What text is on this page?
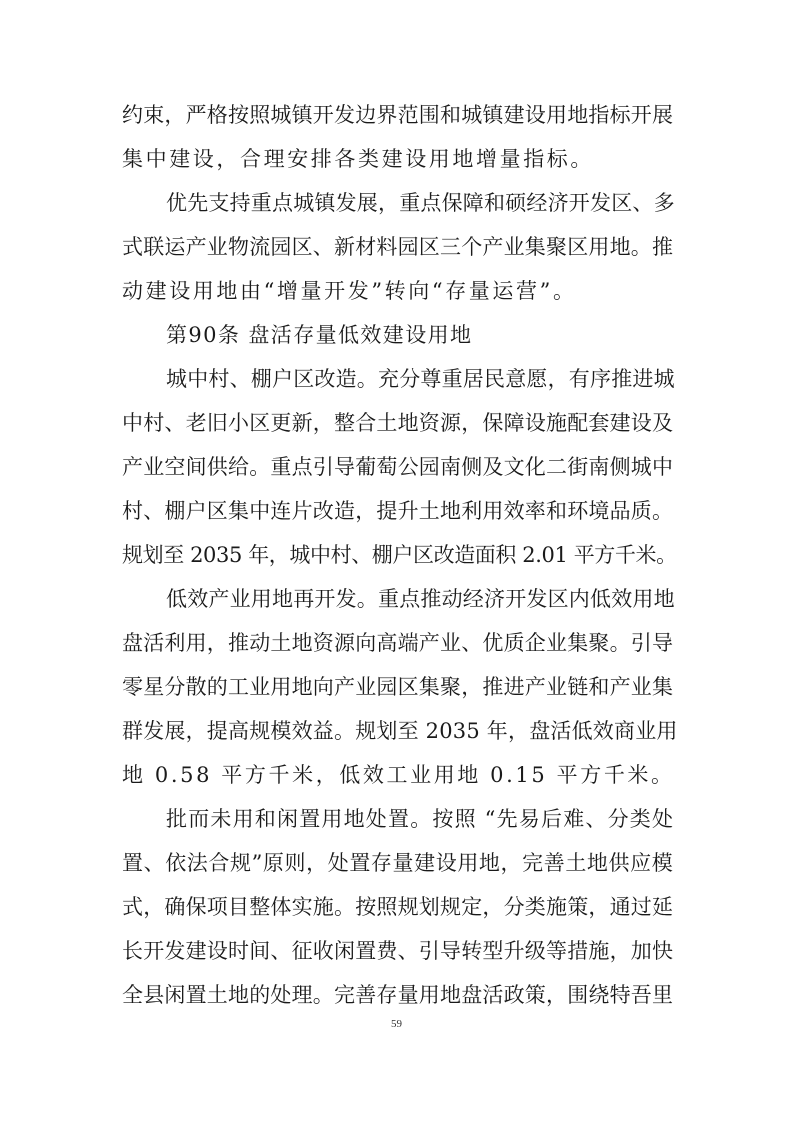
约束，严格按照城镇开发边界范围和城镇建设用地指标开展
集中建设，合理安排各类建设用地增量指标。
优先支持重点城镇发展，重点保障和硕经济开发区、多
式联运产业物流园区、新材料园区三个产业集聚区用地。推
动建设用地由“增量开发”转向“存量运营”。
第90条 盘活存量低效建设用地
城中村、棚户区改造。充分尊重居民意愿，有序推进城
中村、老旧小区更新，整合土地资源，保障设施配套建设及
产业空间供给。重点引导葡萄公园南侧及文化二街南侧城中
村、棚户区集中连片改造，提升土地利用效率和环境品质。
规划至 2035 年，城中村、棚户区改造面积 2.01 平方千米。
低效产业用地再开发。重点推动经济开发区内低效用地
盘活利用，推动土地资源向高端产业、优质企业集聚。引导
零星分散的工业用地向产业园区集聚，推进产业链和产业集
群发展，提高规模效益。规划至 2035 年，盘活低效商业用
地 0.58 平方千米，低效工业用地 0.15 平方千米。
批而未用和闲置用地处置。按照 “先易后难、分类处
置、依法合规”原则，处置存量建设用地，完善土地供应模
式，确保项目整体实施。按照规划规定，分类施策，通过延
长开发建设时间、征收闲置费、引导转型升级等措施，加快
全县闲置土地的处理。完善存量用地盘活政策，围绕特吾里
59
